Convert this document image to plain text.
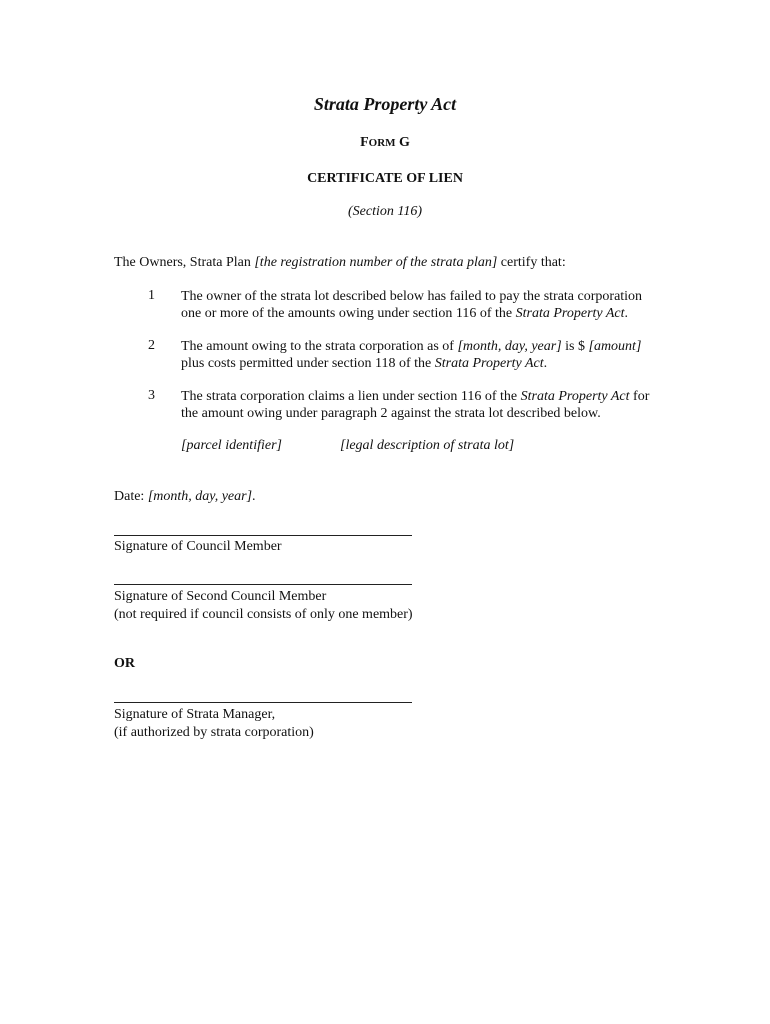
Strata Property Act
FORM G
CERTIFICATE OF LIEN
(Section 116)
The Owners, Strata Plan [the registration number of the strata plan] certify that:
1 The owner of the strata lot described below has failed to pay the strata corporation
one or more of the amounts owing under section 116 of the Strata Property Act.
2 The amount owing to the strata corporation as of [month, day, year] is $ [amount]
plus costs permitted under section 118 of the Strata Property Act.
3 The strata corporation claims a lien under section 116 of the Strata Property Act for
the amount owing under paragraph 2 against the strata lot described below.
[parcel identifier]	[legal description of strata lot]
Date: [month, day, year].
Signature of Council Member
Signature of Second Council Member
(not required if council consists of only one member)
OR
Signature of Strata Manager,
(if authorized by strata corporation)
